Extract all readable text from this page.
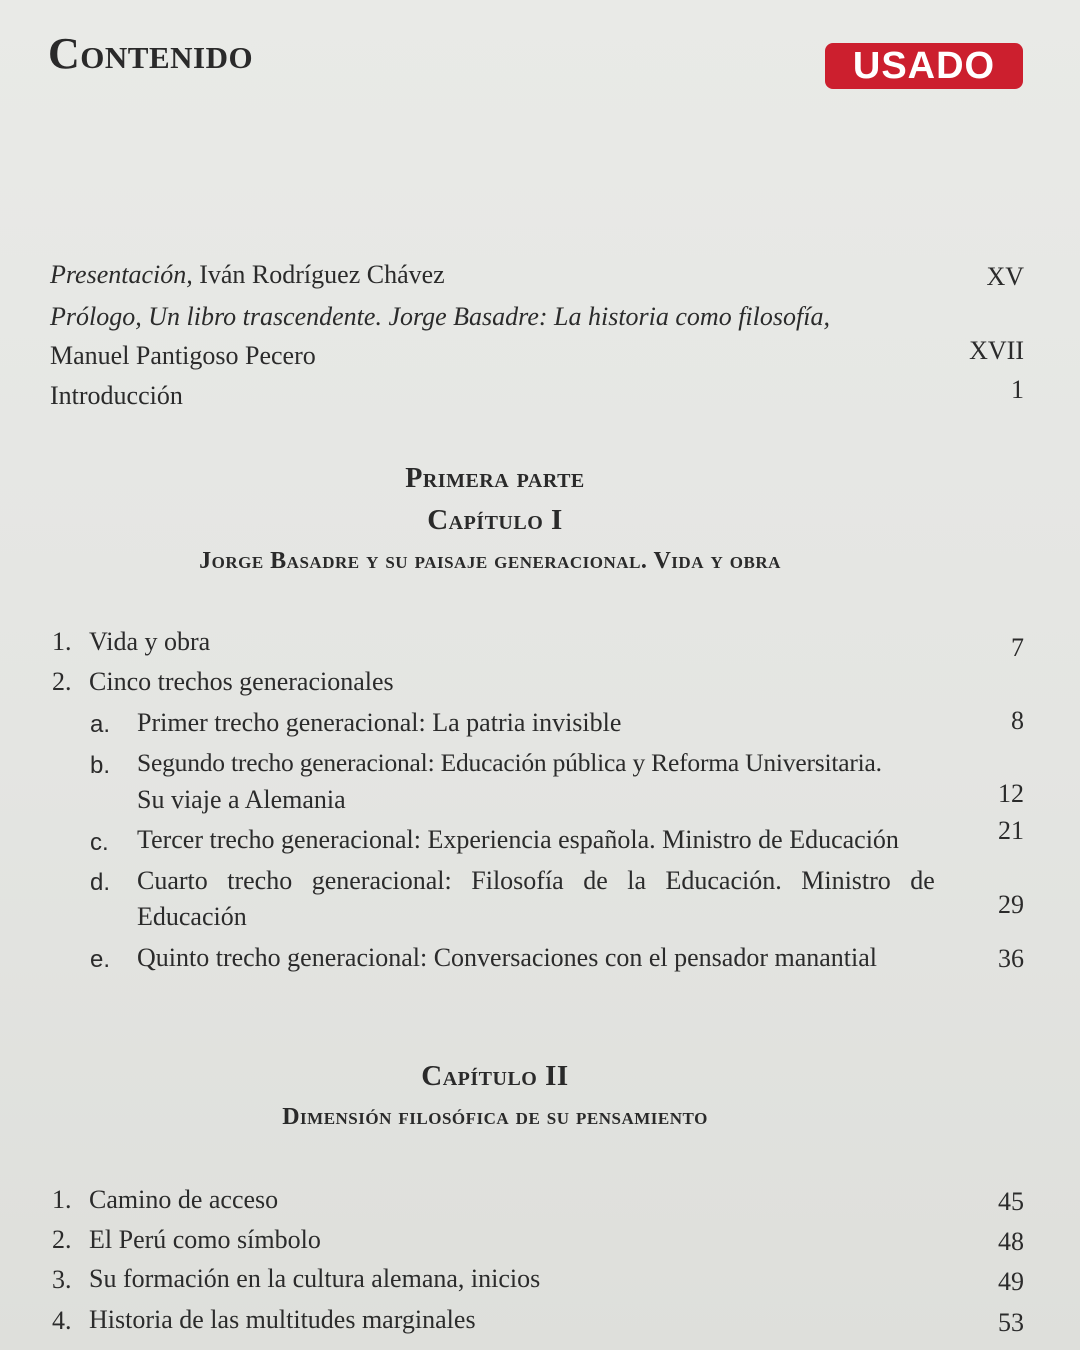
Contenido	USADO
Presentación, Iván Rodríguez Chávez	XV
Prólogo, Un libro trascendente. Jorge Basadre: La historia como filosofía,
Manuel Pantigoso Pecero	XVII
Introducción	1
Primera parte
Capítulo I
Jorge Basadre y su paisaje generacional. Vida y obra
1. Vida y obra	7
2. Cinco trechos generacionales
a. Primer trecho generacional: La patria invisible	8
b. Segundo trecho generacional: Educación pública y Reforma Universitaria.
Su viaje a Alemania	12
c. Tercer trecho generacional: Experiencia española. Ministro de Educación	21
d. Cuarto   trecho   generacional:   Filosofía   de   la   Educación.   Ministro   de
Educación	29
e. Quinto trecho generacional: Conversaciones con el pensador manantial	36
Capítulo II
Dimensión filosófica de su pensamiento
1. Camino de acceso	45
2. El Perú como símbolo	48
3. Su formación en la cultura alemana, inicios	49
4. Historia de las multitudes marginales	53
